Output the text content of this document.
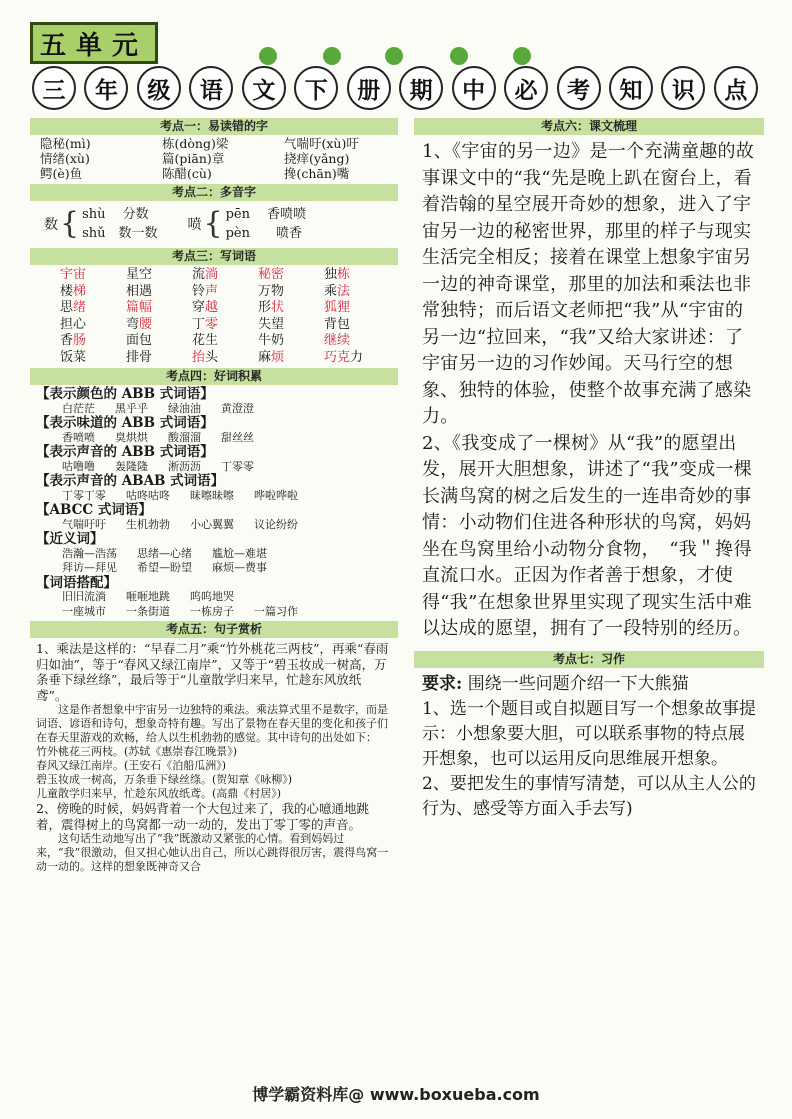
五单元
三	年	级	语	文	下	册	期	中	必	考	知	识	点
考点一：易读错的字
隐秘(mì)	栋(dòng)梁	气喘吁(xù)吁
情绪(xù)	篇(piān)章	挠痒(yǎng)
鳄(è)鱼	陈醋(cù)	搀(chān)嘴
考点二：多音字
数 { shù　 分数
shǔ　数一数
喷 { pēn　 香喷喷
pèn　　喷香
考点三：写词语
宇宙	星空	流淌	秘密	独栋
楼梯	相遇	铃声	万物	乘法
思绪	篇幅	穿越	形状	狐狸
担心	弯腰	丁零	失望	背包
香肠	面包	花生	牛奶	继续
饭菜	排骨	抬头	麻烦	巧克力
考点四：好词积累
【表示颜色的 ABB 式词语】
白茫茫 黑乎乎 绿油油 黄澄澄
【表示味道的 ABB 式词语】
香喷喷 臭烘烘 酸溜溜 甜丝丝
【表示声音的 ABB 式词语】
咕噜噜 轰隆隆 淅沥沥 丁零零
【表示声音的 ABAB 式词语】
丁零丁零 咕咚咕咚 昧嚓昧嚓 哗啦哗啦
【ABCC 式词语】
气喘吁吁 生机勃勃 小心翼翼 议论纷纷
【近义词】
浩瀚—浩荡 思绪—心绪 尴尬—难堪
拜访—拜见 希望—盼望 麻烦—费事
【词语搭配】
旧旧流淌 咂咂地跳 呜呜地哭
一座城市 一条街道 一栋房子 一篇习作
考点五：句子赏析
1、乘法是这样的：“早春二月”乘“竹外桃花三两枝”，再乘“春雨归如油”，等于“春风又绿江南岸”，又等于“碧玉妆成一树高，万条垂下绿丝绦”，最后等于“儿童散学归来早，忙趁东风放纸鸢”。
　　这是作者想象中宇宙另一边独特的乘法。乘法算式里不是数字，而是词语、谚语和诗句，想象奇特有趣。写出了景物在春天里的变化和孩子们在春天里游戏的欢畅，给人以生机勃勃的感觉。其中诗句的出处如下：
竹外桃花三两枝。(苏轼《惠崇春江晚景》)
春风又绿江南岸。(王安石《泊船瓜洲》)
碧玉妆成一树高，万条垂下绿丝绦。(贺知章《咏柳》)
儿童散学归来早，忙趁东风放纸鸢。(高鼎《村居》)
2、傍晚的时候，妈妈背着一个大包过来了，我的心噫通地跳着，震得树上的鸟窝都一动一动的，发出丁零丁零的声音。
　　这句话生动地写出了“我”既激动又紧张的心情。看到妈妈过来，“我”很激动，但又担心她认出自己，所以心跳得很厉害，震得鸟窝一动一动的。这样的想象既神奇又合
考点六：课文梳理
1、《宇宙的另一边》是一个充满童趣的故事课文中的“我“先是晚上趴在窗台上，看着浩翰的星空展开奇妙的想象，进入了宇宙另一边的秘密世界，那里的样子与现实生活完全相反；接着在课堂上想象宇宙另一边的神奇课堂，那里的加法和乘法也非常独特；而后语文老师把“我”从“宇宙的另一边“拉回来，“我”又给大家讲述：了宇宙另一边的习作妙闻。天马行空的想象、独特的体验，使整个故事充满了感染力。
2、《我变成了一棵树》从“我”的愿望出发，展开大胆想象，讲述了“我”变成一棵长满鸟窝的树之后发生的一连串奇妙的事情：小动物们住进各种形状的鸟窝，妈妈坐在鸟窝里给小动物分食物，　“我＂搀得直流口水。正因为作者善于想象，才使得“我”在想象世界里实现了现实生活中难以达成的愿望，拥有了一段特别的经历。
考点七：习作
要求: 围绕一些问题介绍一下大熊猫
1、选一个题目或自拟题目写一个想象故事提示：小想象要大胆，可以联系事物的特点展开想象，也可以运用反向思维展开想象。
2、要把发生的事情写清楚，可以从主人公的行为、感受等方面入手去写)
博学霸资料库@ www.boxueba.com
